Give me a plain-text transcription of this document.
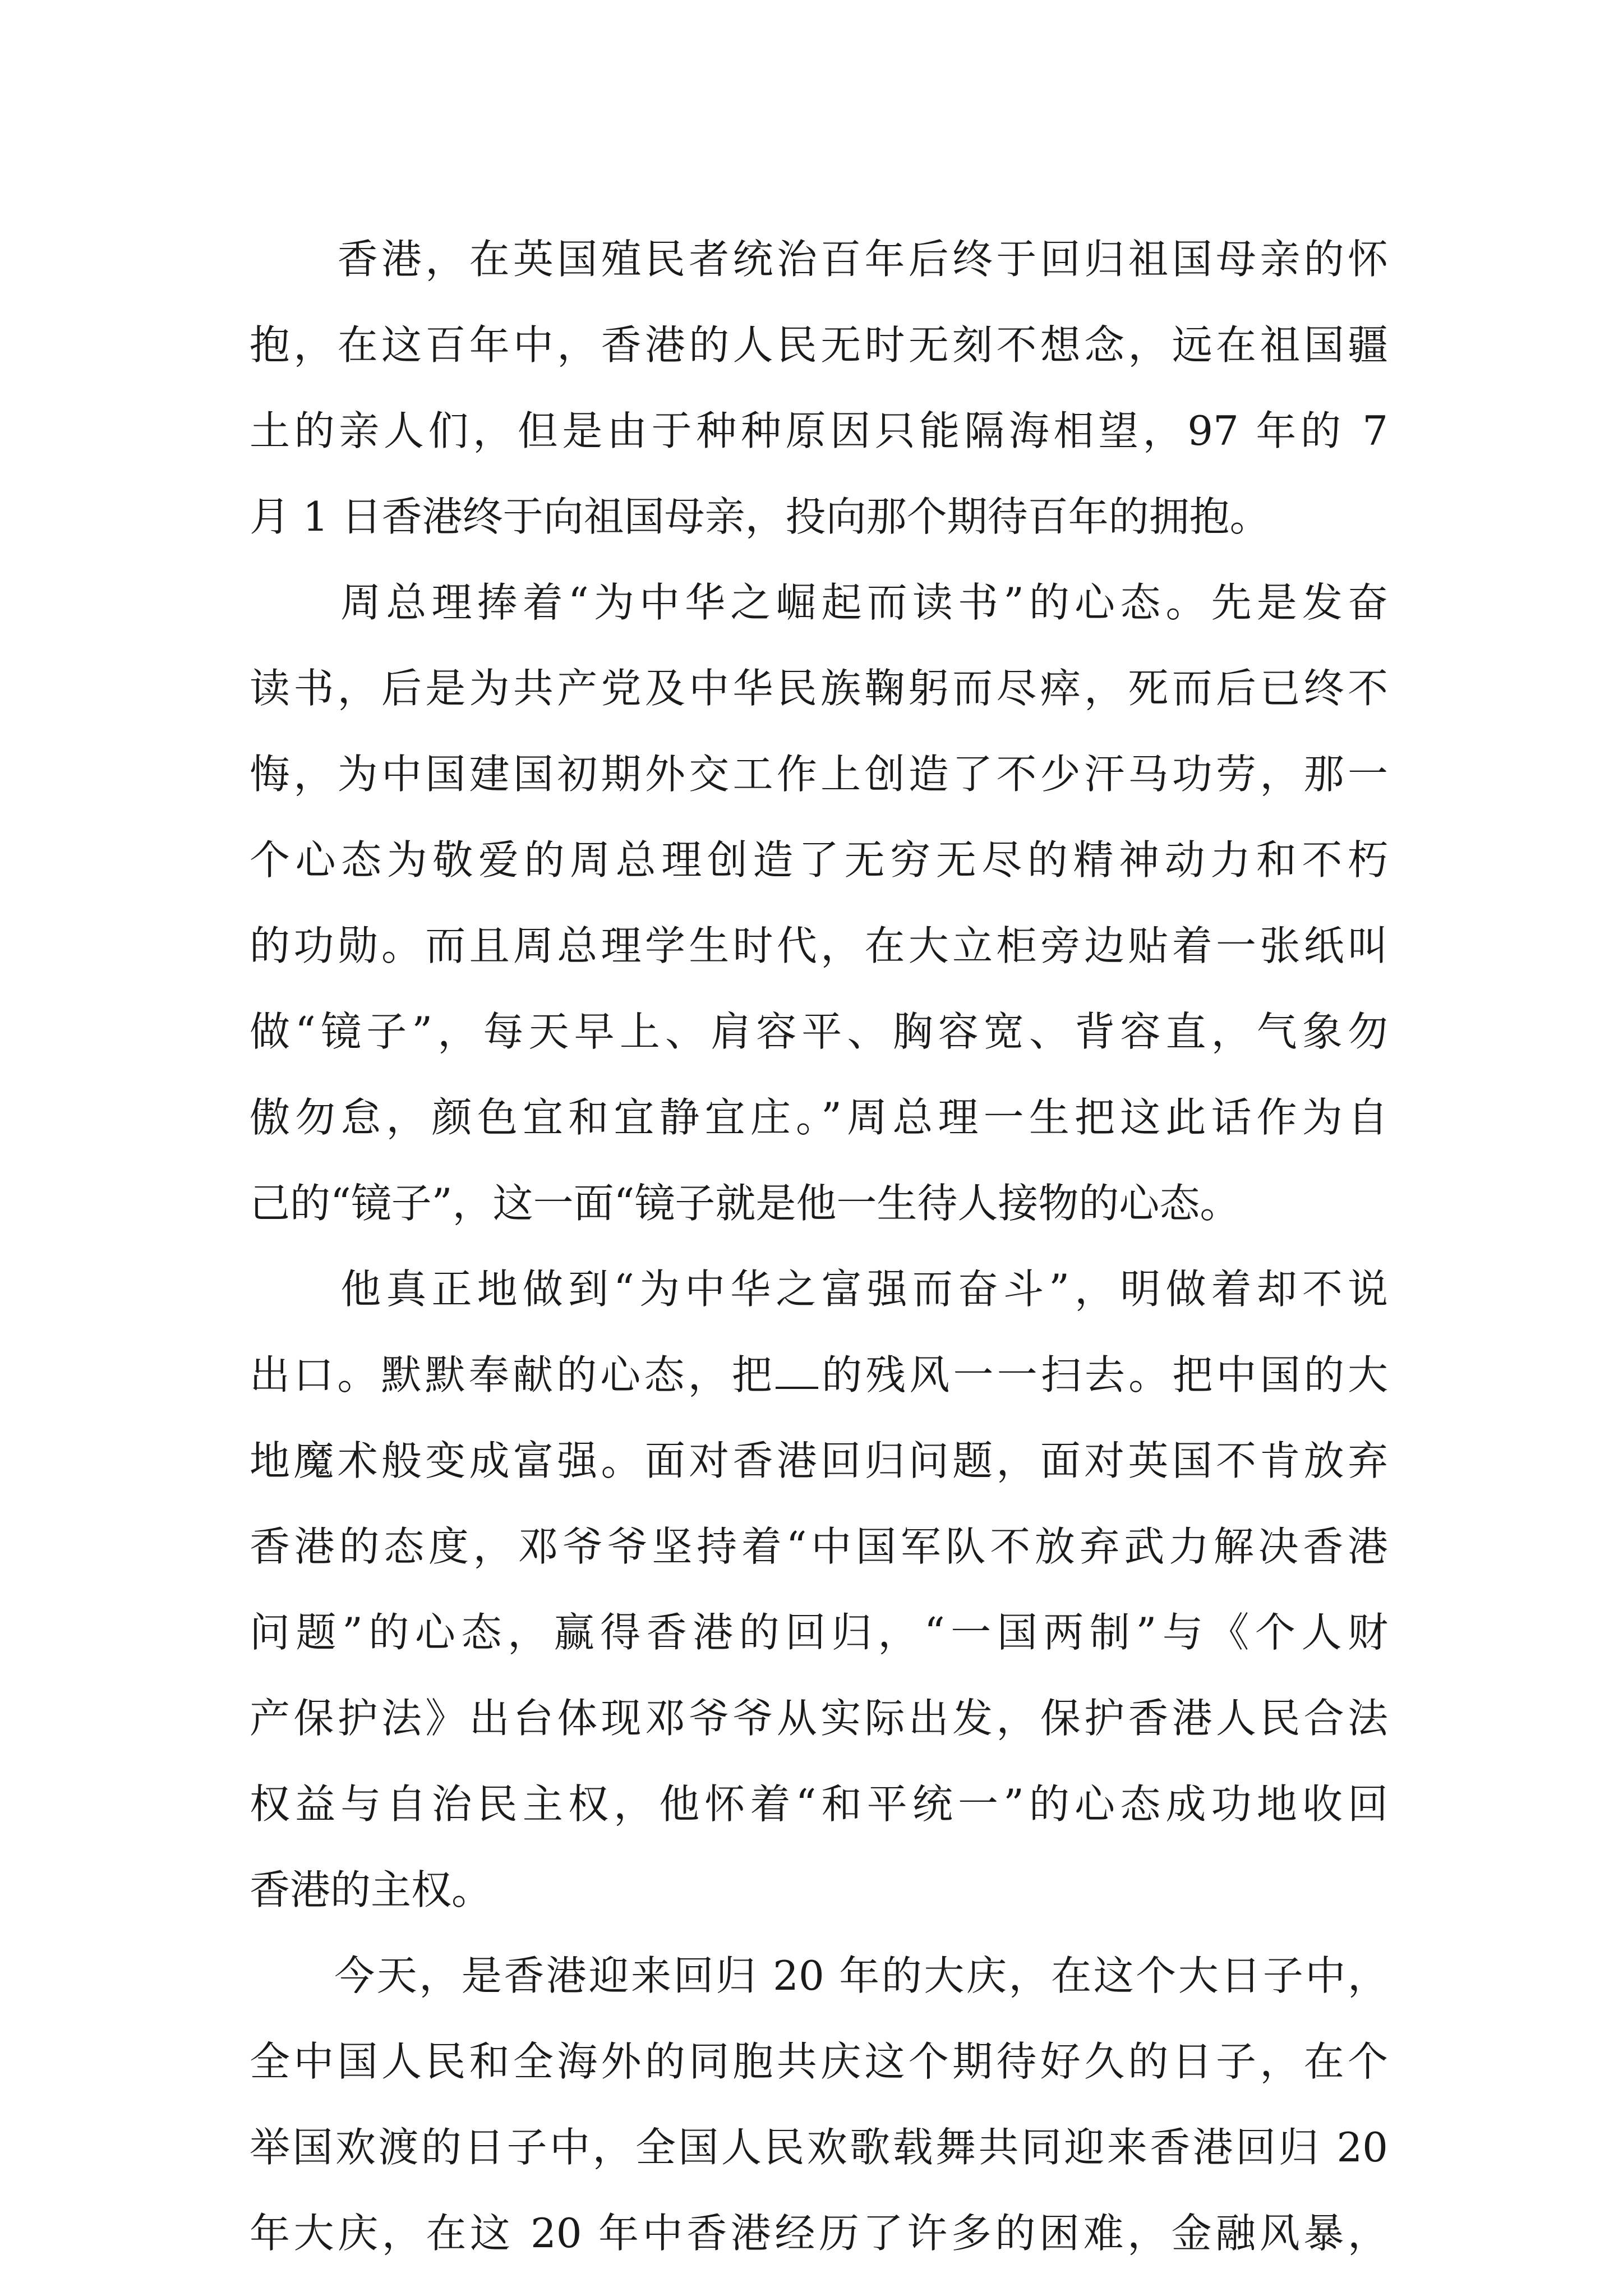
　　香港，在英国殖民者统治百年后终于回归祖国母亲的怀
抱，在这百年中，香港的人民无时无刻不想念，远在祖国疆
土的亲人们，但是由于种种原因只能隔海相望，97 年的 7
月 1 日香港终于向祖国母亲，投向那个期待百年的拥抱。
　　周总理捧着“为中华之崛起而读书”的心态。先是发奋
读书，后是为共产党及中华民族鞠躬而尽瘁，死而后已终不
悔，为中国建国初期外交工作上创造了不少汗马功劳，那一
个心态为敬爱的周总理创造了无穷无尽的精神动力和不朽
的功勋。而且周总理学生时代，在大立柜旁边贴着一张纸叫
做“镜子”，每天早上、肩容平、胸容宽、背容直，气象勿
傲勿怠，颜色宜和宜静宜庄。”周总理一生把这此话作为自
己的“镜子”，这一面“镜子就是他一生待人接物的心态。
　　他真正地做到“为中华之富强而奋斗”，明做着却不说
出口。默默奉献的心态，把 的残风一一扫去。把中国的大
地魔术般变成富强。面对香港回归问题，面对英国不肯放弃
香港的态度，邓爷爷坚持着“中国军队不放弃武力解决香港
问题”的心态，赢得香港的回归，“一国两制”与《个人财
产保护法》出台体现邓爷爷从实际出发，保护香港人民合法
权益与自治民主权，他怀着“和平统一”的心态成功地收回
香港的主权。
　　今天，是香港迎来回归 20 年的大庆，在这个大日子中，
全中国人民和全海外的同胞共庆这个期待好久的日子，在个
举国欢渡的日子中，全国人民欢歌载舞共同迎来香港回归 20
年大庆，在这 20 年中香港经历了许多的困难，金融风暴，
